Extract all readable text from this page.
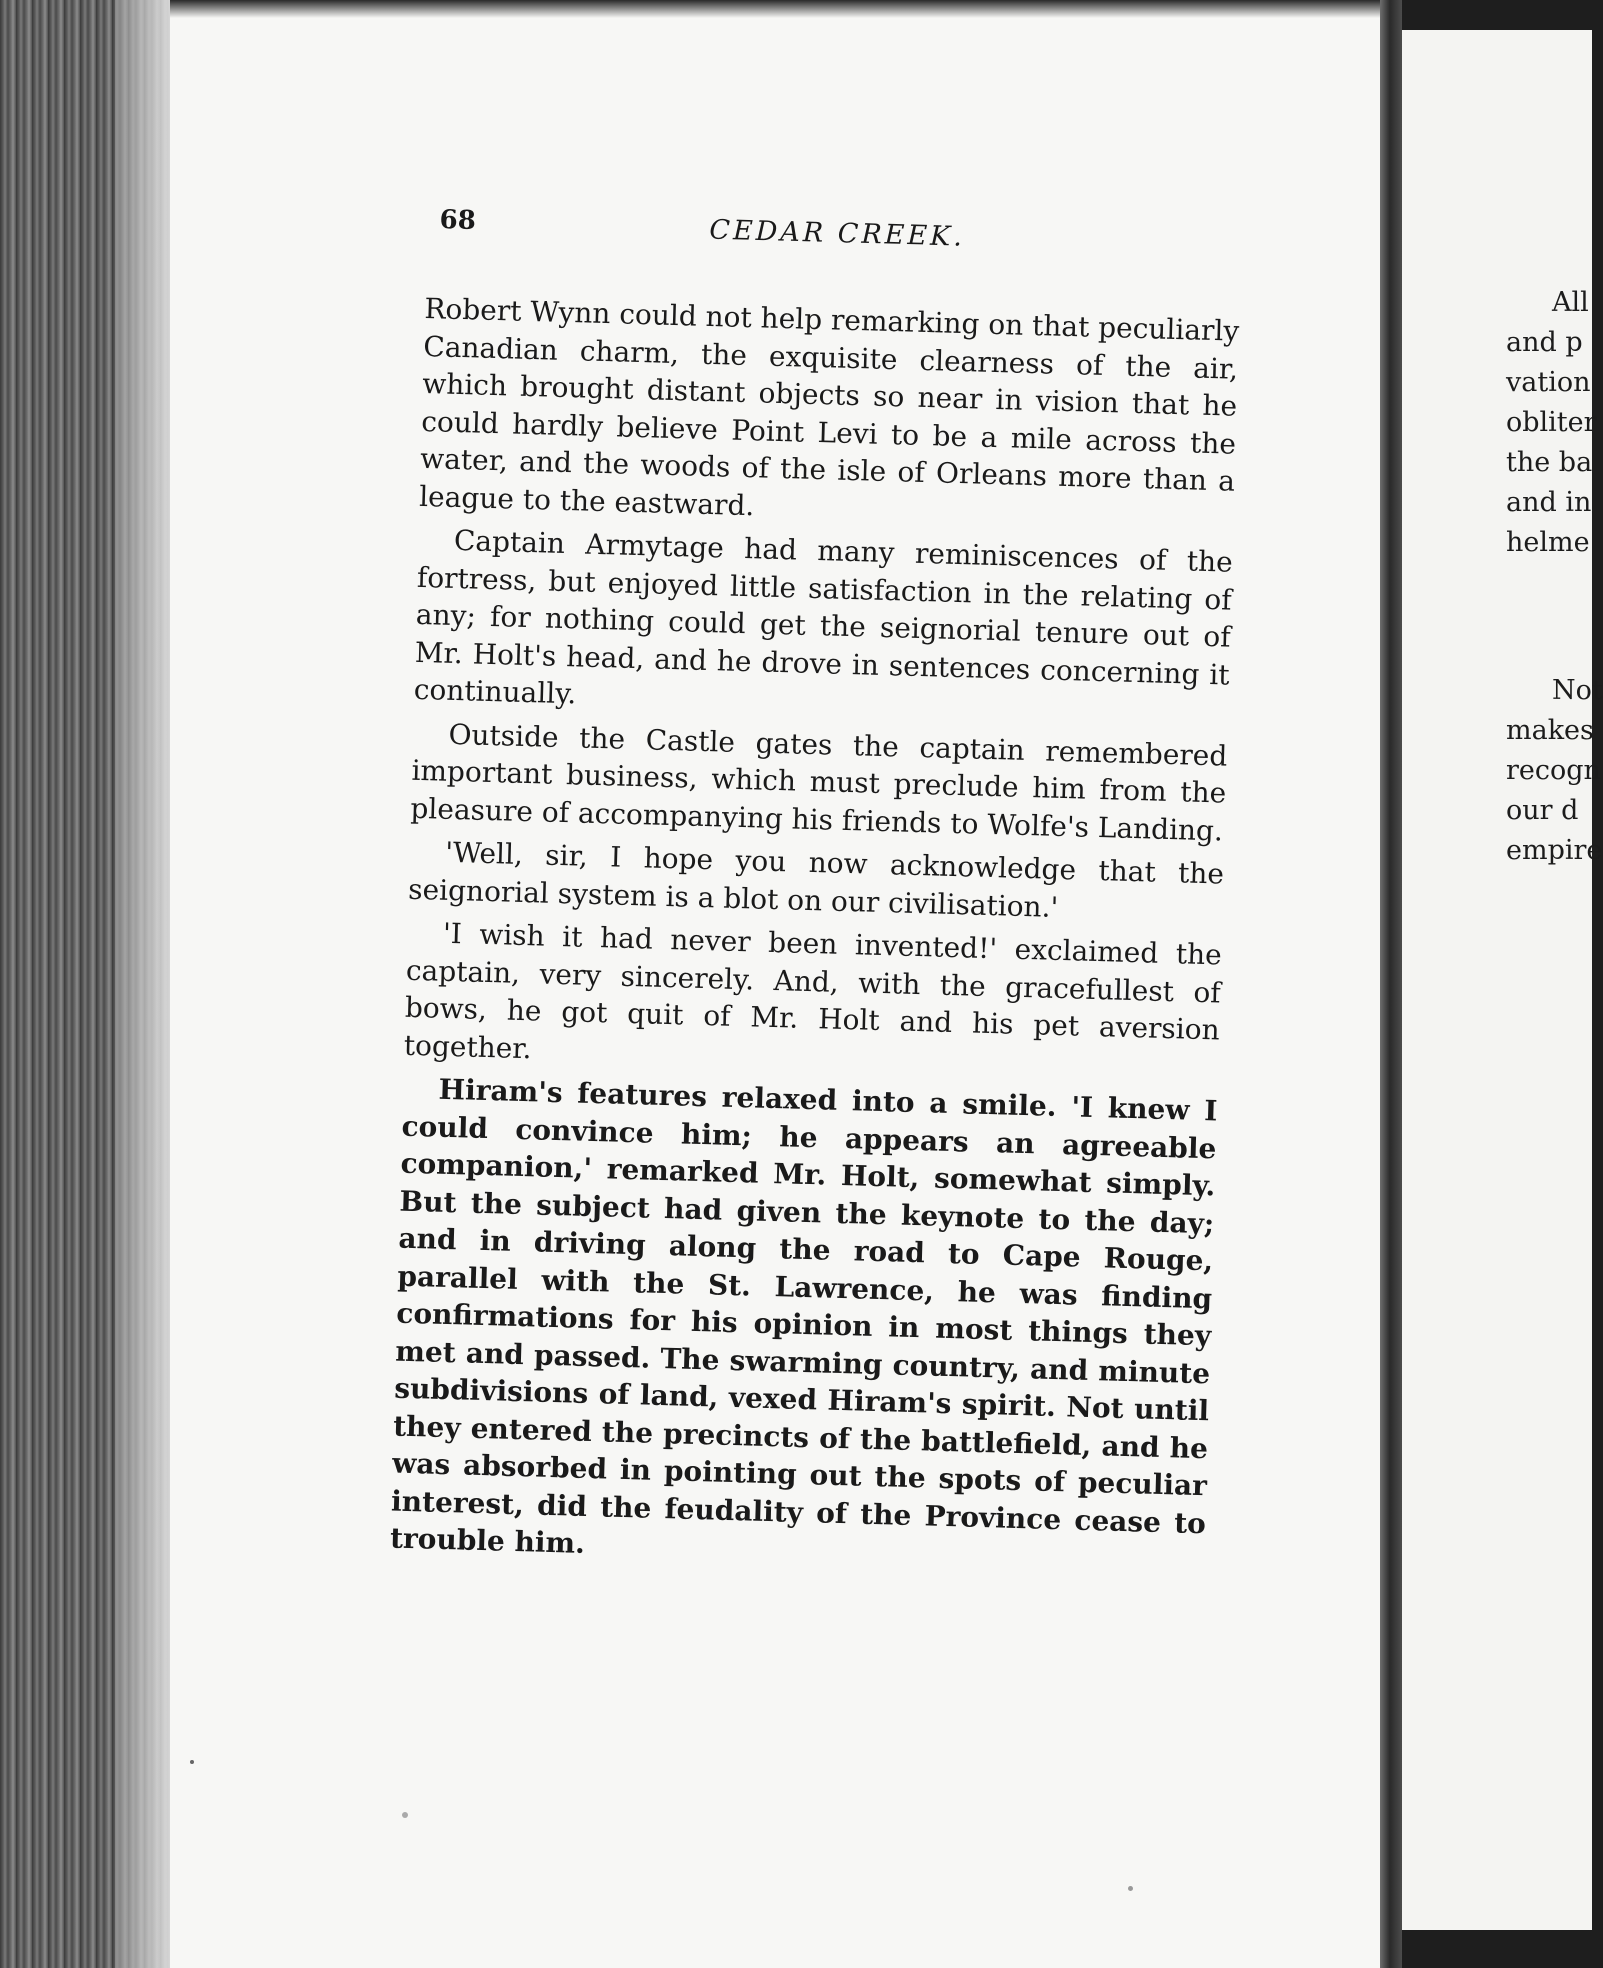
68	CEDAR CREEK.

Robert Wynn could not help remarking on that peculiarly Canadian charm, the exquisite clearness of the air, which brought distant objects so near in vision that he could hardly believe Point Levi to be a mile across the water, and the woods of the isle of Orleans more than a league to the eastward.

Captain Armytage had many reminiscences of the fortress, but enjoyed little satisfaction in the relating of any; for nothing could get the seignorial tenure out of Mr. Holt's head, and he drove in sentences concerning it continually.

Outside the Castle gates the captain remembered important business, which must preclude him from the pleasure of accompanying his friends to Wolfe's Landing.

'Well, sir, I hope you now acknowledge that the seignorial system is a blot on our civilisation.'

'I wish it had never been invented!' exclaimed the captain, very sincerely. And, with the gracefullest of bows, he got quit of Mr. Holt and his pet aversion together.

Hiram's features relaxed into a smile. 'I knew I could convince him; he appears an agreeable companion,' remarked Mr. Holt, somewhat simply. But the subject had given the keynote to the day; and in driving along the road to Cape Rouge, parallel with the St. Lawrence, he was finding confirmations for his opinion in most things they met and passed. The swarming country, and minute subdivisions of land, vexed Hiram's spirit. Not until they entered the precincts of the battlefield, and he was absorbed in pointing out the spots of peculiar interest, did the feudality of the Province cease to trouble him.

All
and p
vation
obliter
the ba
and in
helme
Not
makes
recogn
our d
empire
